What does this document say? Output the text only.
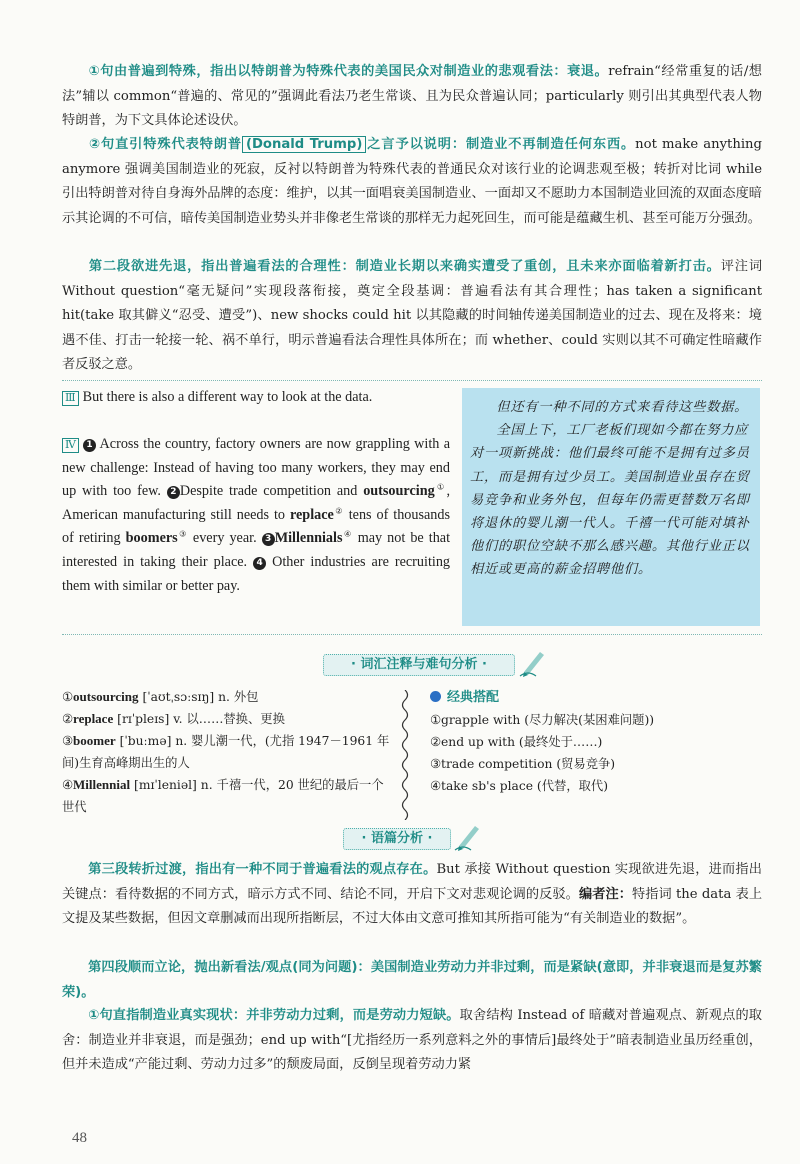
①句由普遍到特殊，指出以特朗普为特殊代表的美国民众对制造业的悲观看法：衰退。refrain“经常重复的话/想法”辅以 common“普遍的、常见的”强调此看法乃老生常谈、且为民众普遍认同；particularly 则引出其典型代表人物特朗普，为下文具体论述设伏。

②句直引特殊代表特朗普 (Donald Trump) 之言予以说明：制造业不再制造任何东西。not make anything anymore 强调美国制造业的死寂，反衬以特朗普为特殊代表的普通民众对该行业的论调悲观至极；转折对比词 while 引出特朗普对待自身海外品牌的态度：维护，以其一面唱衰美国制造业、一面却又不愿助力本国制造业回流的双面态度暗示其论调的不可信，暗传美国制造业势头并非像老生常谈的那样无力起死回生，而可能是蕴藏生机、甚至可能万分强劲。

第二段欲进先退，指出普遍看法的合理性：制造业长期以来确实遭受了重创，且未来亦面临着新打击。评注词 Without question“毫无疑问”实现段落衔接，奠定全段基调：普遍看法有其合理性；has taken a significant hit(take 取其僻义“忍受、遭受”)、new shocks could hit 以其隐藏的时间轴传递美国制造业的过去、现在及将来：境遇不佳、打击一轮接一轮、祸不单行，明示普遍看法合理性具体所在；而 whether、could 实则以其不可确定性暗藏作者反驳之意。

Ⅲ But there is also a different way to look at the data.

Ⅳ 1 Across the country, factory owners are now grappling with a new challenge: Instead of having too many workers, they may end up with too few. 2 Despite trade competition and outsourcing①, American manufacturing still needs to replace② tens of thousands of retiring boomers③ every year. 3 Millennials④ may not be that interested in taking their place. 4 Other industries are recruiting them with similar or better pay.

但还有一种不同的方式来看待这些数据。

全国上下，工厂老板们现如今都在努力应对一项新挑战：他们最终可能不是拥有过多员工，而是拥有过少员工。美国制造业虽存在贸易竞争和业务外包，但每年仍需更替数万名即将退休的婴儿潮一代人。千禧一代可能对填补他们的职位空缺不那么感兴趣。其他行业正以相近或更高的薪金招聘他们。

· 词汇注释与难句分析 ·
①outsourcing [ˈaʊtˌsɔːsɪŋ] n. 外包
②replace [rɪˈpleɪs] v. 以……替换、更换
③boomer [ˈbuːmə] n. 婴儿潮一代，(尤指 1947－1961 年间)生育高峰期出生的人
④Millennial [mɪˈleniəl] n. 千禧一代，20 世纪的最后一个世代
经典搭配
①grapple with (尽力解决(某困难问题))
②end up with (最终处于……)
③trade competition (贸易竞争)
④take sb's place (代替，取代)
· 语篇分析 ·

第三段转折过渡，指出有一种不同于普遍看法的观点存在。But 承接 Without question 实现欲进先退，进而指出关键点：看待数据的不同方式，暗示方式不同、结论不同，开启下文对悲观论调的反驳。编者注：特指词 the data 表上文提及某些数据，但因文章删减而出现所指断层，不过大体由文意可推知其所指可能为“有关制造业的数据”。

第四段顺而立论，抛出新看法/观点(同为问题)：美国制造业劳动力并非过剩，而是紧缺(意即，并非衰退而是复苏繁荣)。

①句直指制造业真实现状：并非劳动力过剩，而是劳动力短缺。取舍结构 Instead of 暗藏对普遍观点、新观点的取舍：制造业并非衰退，而是强劲；end up with“[尤指经历一系列意料之外的事情后]最终处于”暗表制造业虽历经重创，但并未造成“产能过剩、劳动力过多”的颓废局面，反倒呈现着劳动力紧

48
